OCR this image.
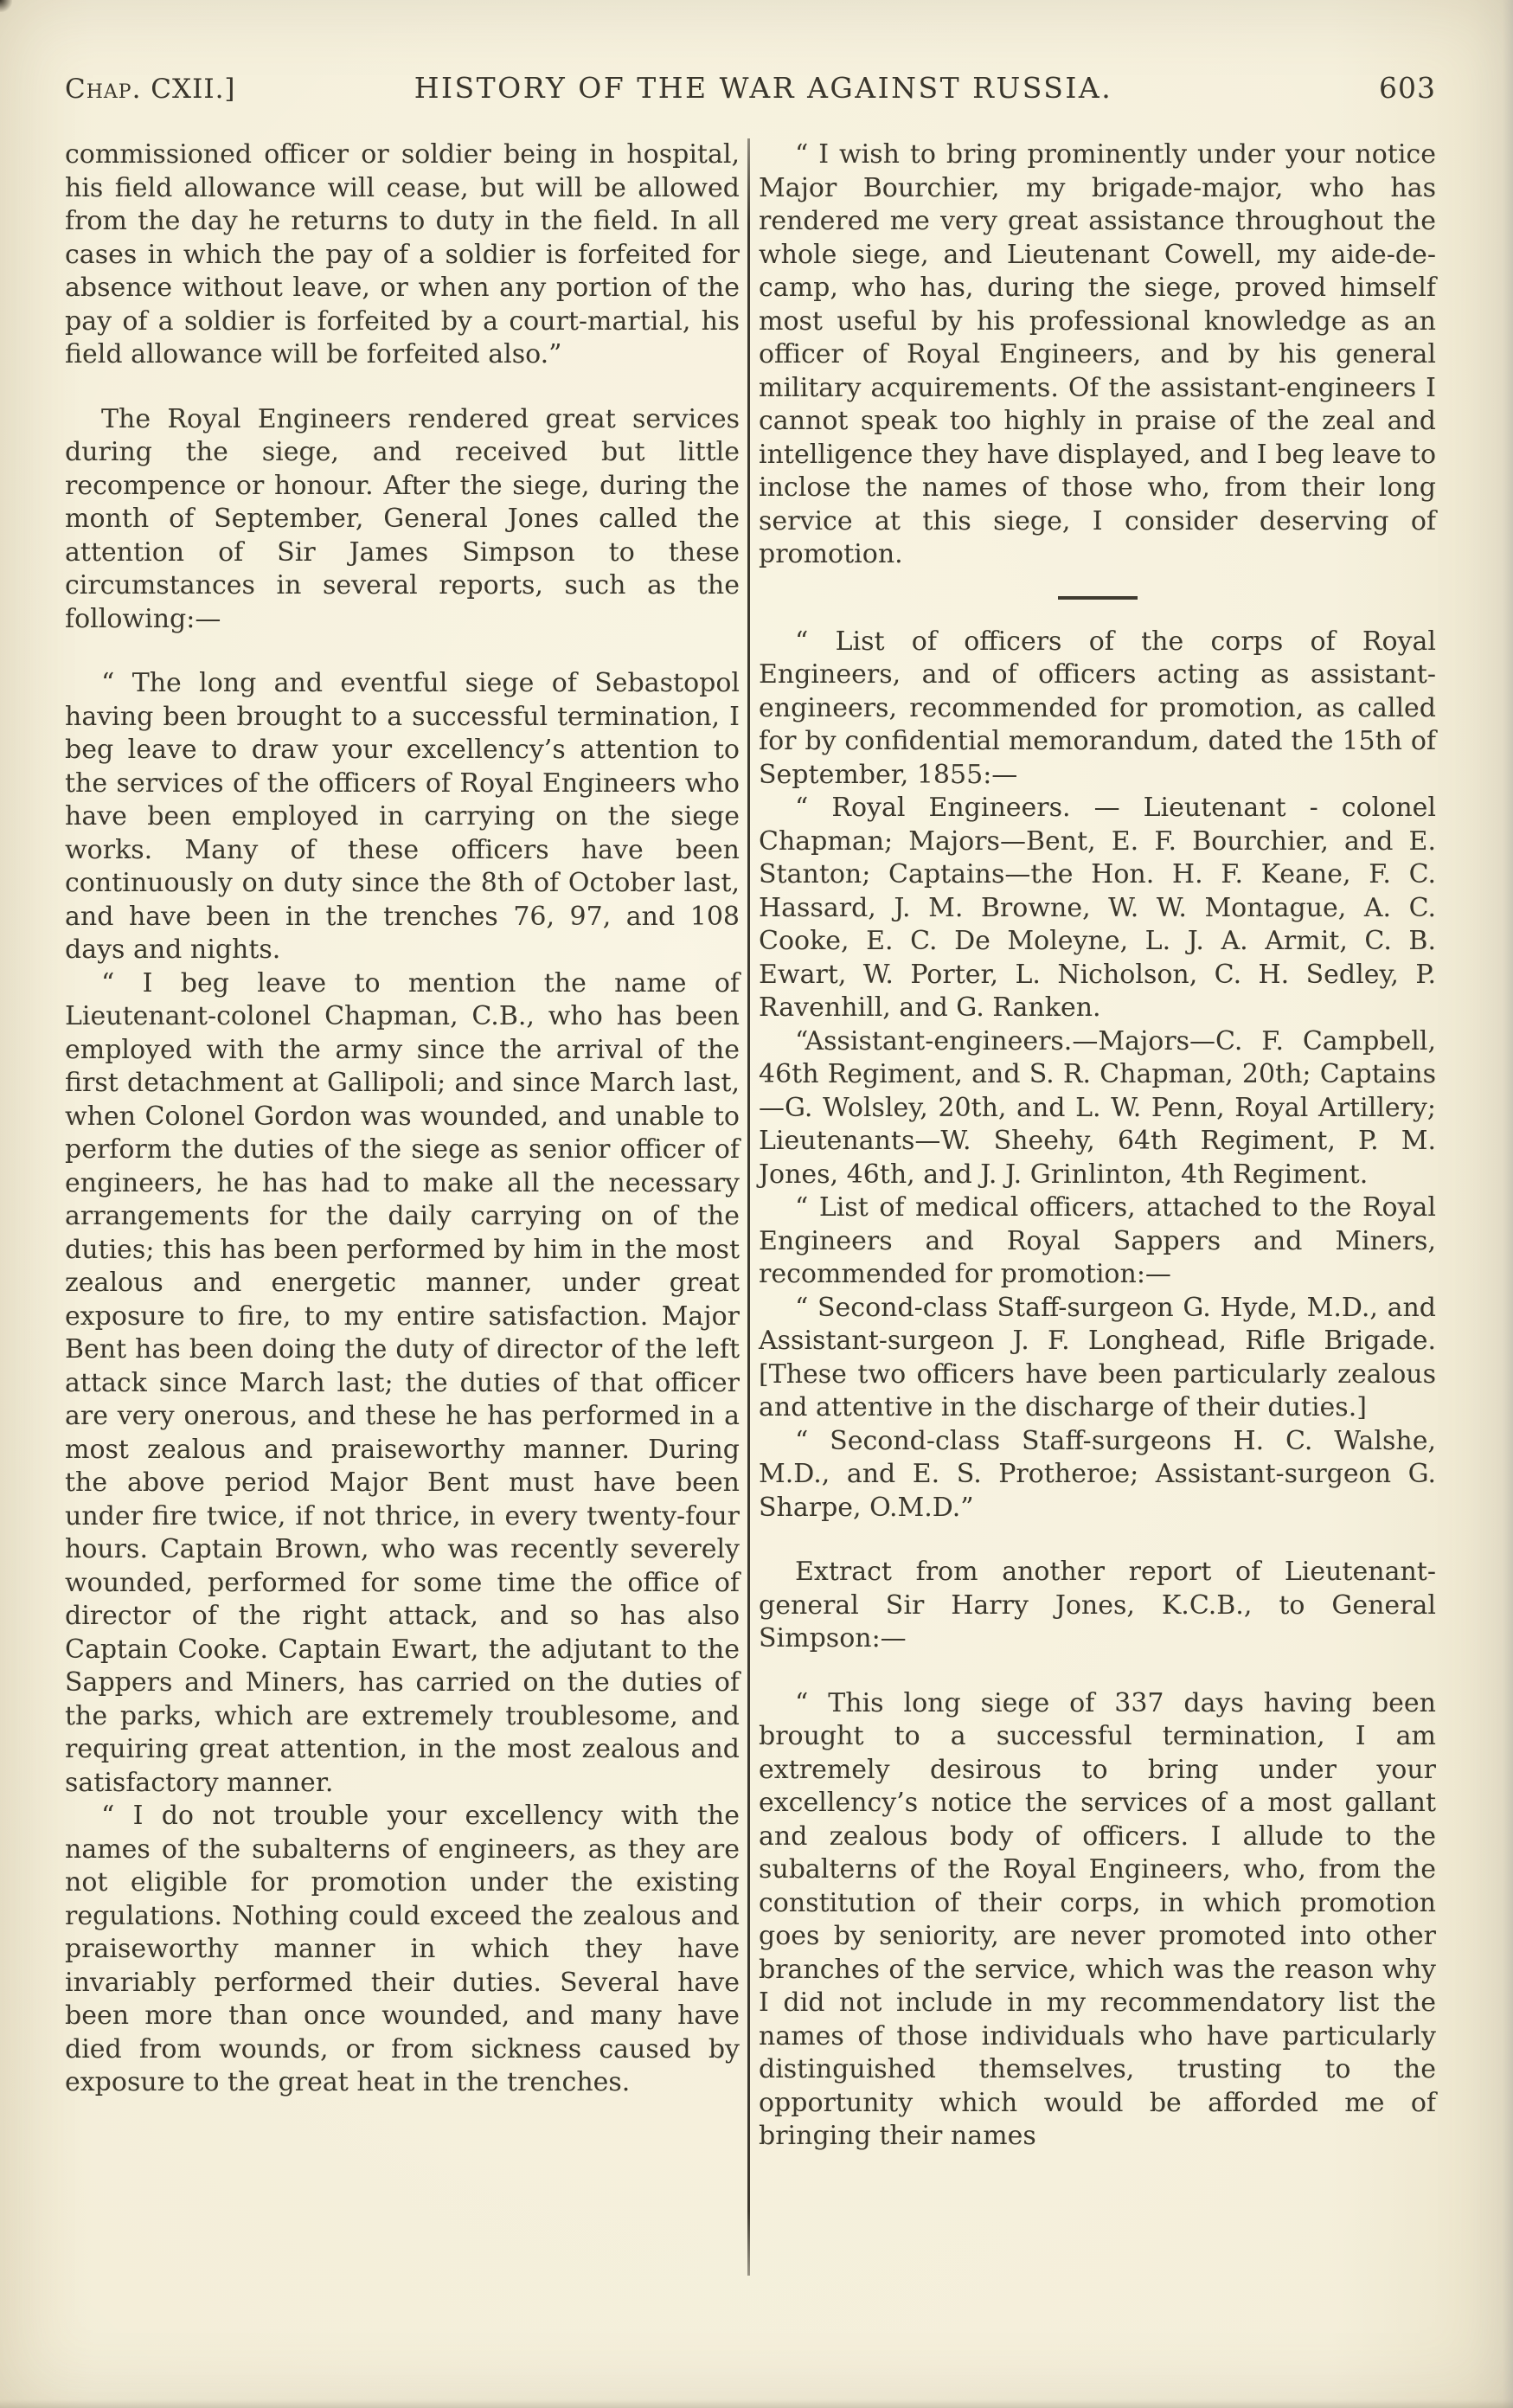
Chap. CXII.]	HISTORY OF THE WAR AGAINST RUSSIA.	603

commissioned officer or soldier being in hospital, his field allowance will cease, but will be allowed from the day he returns to duty in the field. In all cases in which the pay of a soldier is forfeited for absence without leave, or when any portion of the pay of a soldier is forfeited by a court-martial, his field allowance will be forfeited also.”

The Royal Engineers rendered great services during the siege, and received but little recompence or honour. After the siege, during the month of September, General Jones called the attention of Sir James Simpson to these circumstances in several reports, such as the following:—

“ The long and eventful siege of Sebastopol having been brought to a successful termination, I beg leave to draw your excellency’s attention to the services of the officers of Royal Engineers who have been employed in carrying on the siege works. Many of these officers have been continuously on duty since the 8th of October last, and have been in the trenches 76, 97, and 108 days and nights.

“ I beg leave to mention the name of Lieutenant-colonel Chapman, C.B., who has been employed with the army since the arrival of the first detachment at Gallipoli; and since March last, when Colonel Gordon was wounded, and unable to perform the duties of the siege as senior officer of engineers, he has had to make all the necessary arrangements for the daily carrying on of the duties; this has been performed by him in the most zealous and energetic manner, under great exposure to fire, to my entire satisfaction. Major Bent has been doing the duty of director of the left attack since March last; the duties of that officer are very onerous, and these he has performed in a most zealous and praiseworthy manner. During the above period Major Bent must have been under fire twice, if not thrice, in every twenty-four hours. Captain Brown, who was recently severely wounded, performed for some time the office of director of the right attack, and so has also Captain Cooke. Captain Ewart, the adjutant to the Sappers and Miners, has carried on the duties of the parks, which are extremely troublesome, and requiring great attention, in the most zealous and satisfactory manner.

“ I do not trouble your excellency with the names of the subalterns of engineers, as they are not eligible for promotion under the existing regulations. Nothing could exceed the zealous and praiseworthy manner in which they have invariably performed their duties. Several have been more than once wounded, and many have died from wounds, or from sickness caused by exposure to the great heat in the trenches.

“ I wish to bring prominently under your notice Major Bourchier, my brigade-major, who has rendered me very great assistance throughout the whole siege, and Lieutenant Cowell, my aide-de-camp, who has, during the siege, proved himself most useful by his professional knowledge as an officer of Royal Engineers, and by his general military acquirements. Of the assistant-engineers I cannot speak too highly in praise of the zeal and intelligence they have displayed, and I beg leave to inclose the names of those who, from their long service at this siege, I consider deserving of promotion.

“ List of officers of the corps of Royal Engineers, and of officers acting as assistant-engineers, recommended for promotion, as called for by confidential memorandum, dated the 15th of September, 1855:—

“ Royal Engineers. — Lieutenant - colonel Chapman; Majors—Bent, E. F. Bourchier, and E. Stanton; Captains—the Hon. H. F. Keane, F. C. Hassard, J. M. Browne, W. W. Montague, A. C. Cooke, E. C. De Moleyne, L. J. A. Armit, C. B. Ewart, W. Porter, L. Nicholson, C. H. Sedley, P. Ravenhill, and G. Ranken.

“Assistant-engineers.—Majors—C. F. Campbell, 46th Regiment, and S. R. Chapman, 20th; Captains—G. Wolsley, 20th, and L. W. Penn, Royal Artillery; Lieutenants—W. Sheehy, 64th Regiment, P. M. Jones, 46th, and J. J. Grinlinton, 4th Regiment.

“ List of medical officers, attached to the Royal Engineers and Royal Sappers and Miners, recommended for promotion:—

“ Second-class Staff-surgeon G. Hyde, M.D., and Assistant-surgeon J. F. Longhead, Rifle Brigade. [These two officers have been particularly zealous and attentive in the discharge of their duties.]

“ Second-class Staff-surgeons H. C. Walshe, M.D., and E. S. Protheroe; Assistant-surgeon G. Sharpe, O.M.D.”

Extract from another report of Lieutenant-general Sir Harry Jones, K.C.B., to General Simpson:—

“ This long siege of 337 days having been brought to a successful termination, I am extremely desirous to bring under your excellency’s notice the services of a most gallant and zealous body of officers. I allude to the subalterns of the Royal Engineers, who, from the constitution of their corps, in which promotion goes by seniority, are never promoted into other branches of the service, which was the reason why I did not include in my recommendatory list the names of those individuals who have particularly distinguished themselves, trusting to the opportunity which would be afforded me of bringing their names
